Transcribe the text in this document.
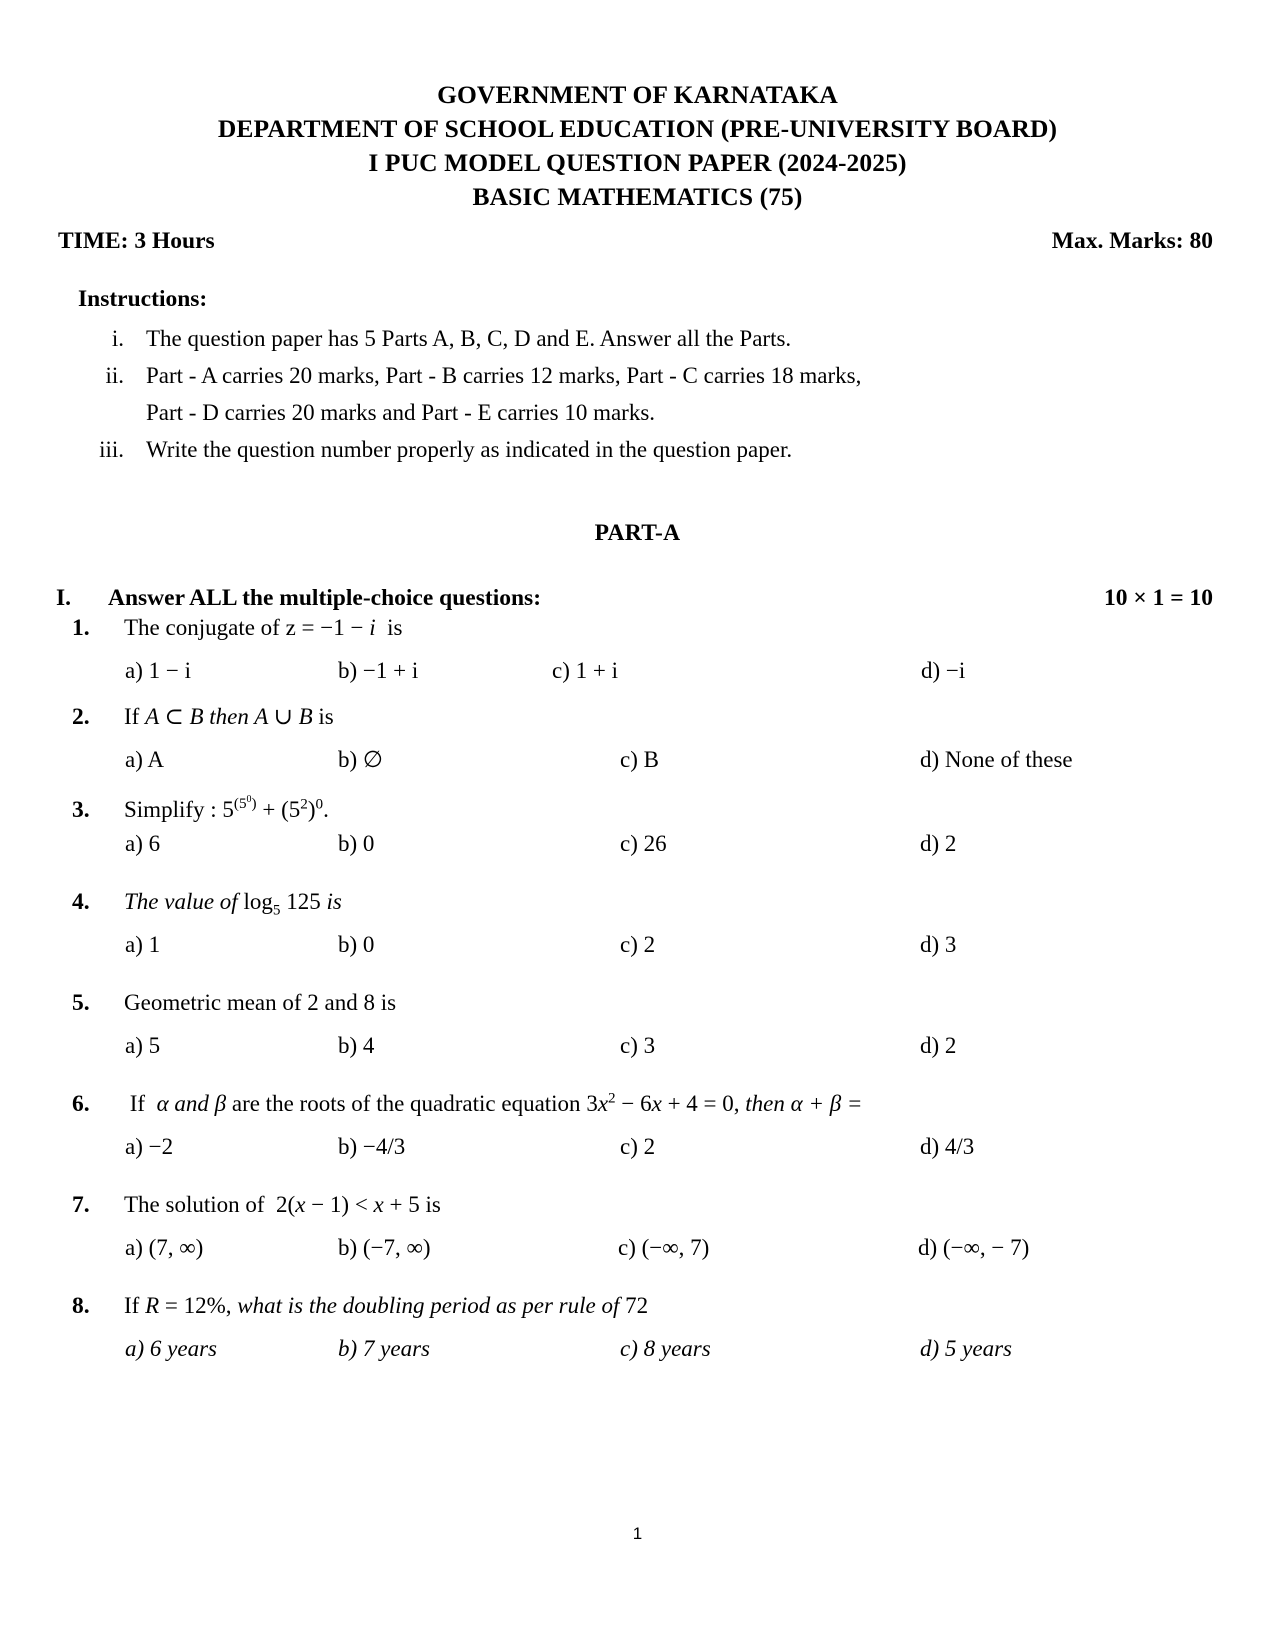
GOVERNMENT OF KARNATAKA
DEPARTMENT OF SCHOOL EDUCATION (PRE-UNIVERSITY BOARD)
I PUC MODEL QUESTION PAPER (2024-2025)
BASIC MATHEMATICS (75)
TIME: 3 Hours	Max. Marks: 80
Instructions:
i. The question paper has 5 Parts A, B, C, D and E. Answer all the Parts.
ii. Part - A carries 20 marks, Part - B carries 12 marks, Part - C carries 18 marks,
Part - D carries 20 marks and Part - E carries 10 marks.
iii. Write the question number properly as indicated in the question paper.
PART-A
I.	Answer ALL the multiple-choice questions:	10 × 1 = 10
1.	The conjugate of z = −1 − i  is
a) 1 − i	b) −1 + i	c) 1 + i	d) −i
2.	If A ⊂ B then A ∪ B is
a) A	b) ∅	c) B	d) None of these
3.	Simplify : $5^{(5^0)} + (5^2)^0$.
a) 6	b) 0	c) 26	d) 2
4.	The value of $\log_5 125$ is
a) 1	b) 0	c) 2	d) 3
5.	Geometric mean of 2 and 8 is
a) 5	b) 4	c) 3	d) 2
6.	If  α and β are the roots of the quadratic equation $3x^2 - 6x + 4 = 0$, then α + β =
a) −2	b) −4/3	c) 2	d) 4/3
7.	The solution of  2(x − 1) < x + 5 is
a) (7, ∞)	b) (−7, ∞)	c) (−∞, 7)	d) (−∞, − 7)
8.	If R = 12%, what is the doubling period as per rule of 72
a) 6 years	b) 7 years	c) 8 years	d) 5 years
1
